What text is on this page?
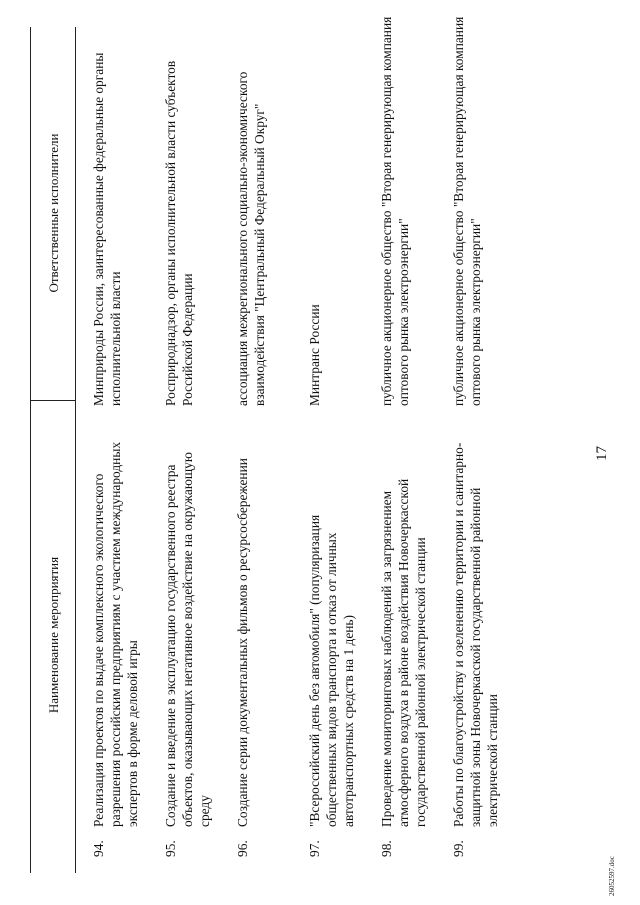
17
Наименование мероприятия
Ответственные исполнители
94.
Реализация проектов по выдаче комплексного экологического разрешения российским предприятиям с участием международных экспертов в форме деловой игры
Минприроды России, заинтересованные федеральные органы исполнительной власти
95.
Создание и введение в эксплуатацию государственного реестра объектов, оказывающих негативное воздействие на окружающую среду
Росприроднадзор, органы исполнительной власти субъектов Российской Федерации
96.
Создание серии документальных фильмов о ресурсосбережении
ассоциация межрегионального социально-экономического взаимодействия "Центральный Федеральный Округ"
97.
"Всероссийский день без автомобиля" (популяризация общественных видов транспорта и отказ от личных автотранспортных средств на 1 день)
Минтранс России
98.
Проведение мониторинговых наблюдений за загрязнением атмосферного воздуха в районе воздействия Новочеркасской государственной районной электрической станции
публичное акционерное общество "Вторая генерирующая компания оптового рынка электроэнергии"
99.
Работы по благоустройству и озеленению территории и санитарно-защитной зоны Новочеркасской государственной районной электрической станции
публичное акционерное общество "Вторая генерирующая компания оптового рынка электроэнергии"
26052597.doc
